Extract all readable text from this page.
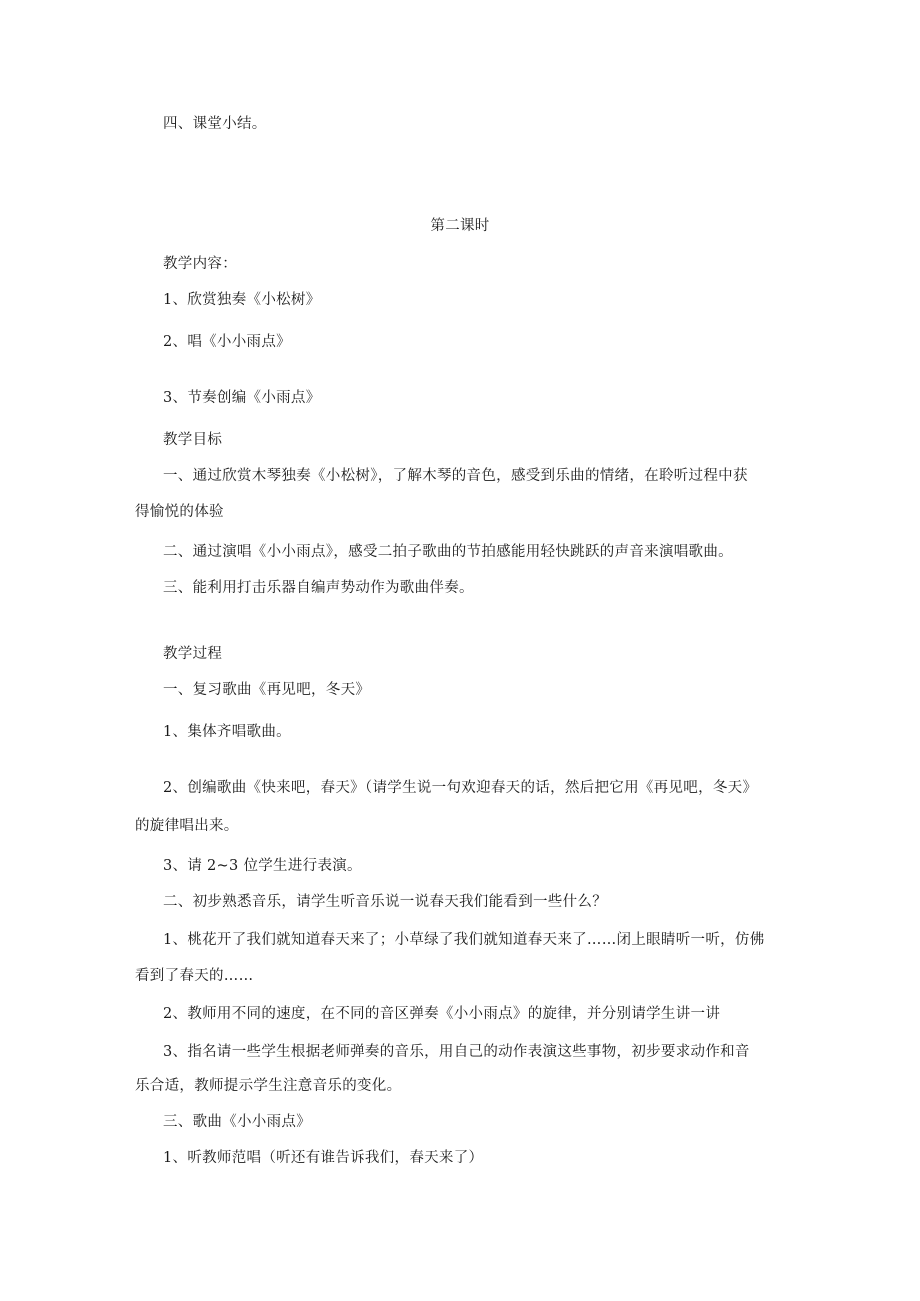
四、课堂小结。
第二课时
教学内容：
1、欣赏独奏《小松树》
2、唱《小小雨点》
3、节奏创编《小雨点》
教学目标
一、通过欣赏木琴独奏《小松树》，了解木琴的音色，感受到乐曲的情绪，在聆听过程中获
得愉悦的体验
二、通过演唱《小小雨点》，感受二拍子歌曲的节拍感能用轻快跳跃的声音来演唱歌曲。
三、能利用打击乐器自编声势动作为歌曲伴奏。
教学过程
一、复习歌曲《再见吧，冬天》
1、集体齐唱歌曲。
2、创编歌曲《快来吧，春天》（请学生说一句欢迎春天的话，然后把它用《再见吧，冬天》
的旋律唱出来。
3、请 2~3 位学生进行表演。
二、初步熟悉音乐，请学生听音乐说一说春天我们能看到一些什么？
1、桃花开了我们就知道春天来了；小草绿了我们就知道春天来了……闭上眼睛听一听，仿佛
看到了春天的……
2、教师用不同的速度，在不同的音区弹奏《小小雨点》的旋律，并分别请学生讲一讲
3、指名请一些学生根据老师弹奏的音乐，用自己的动作表演这些事物，初步要求动作和音
乐合适，教师提示学生注意音乐的变化。
三、歌曲《小小雨点》
1、听教师范唱（听还有谁告诉我们，春天来了）
